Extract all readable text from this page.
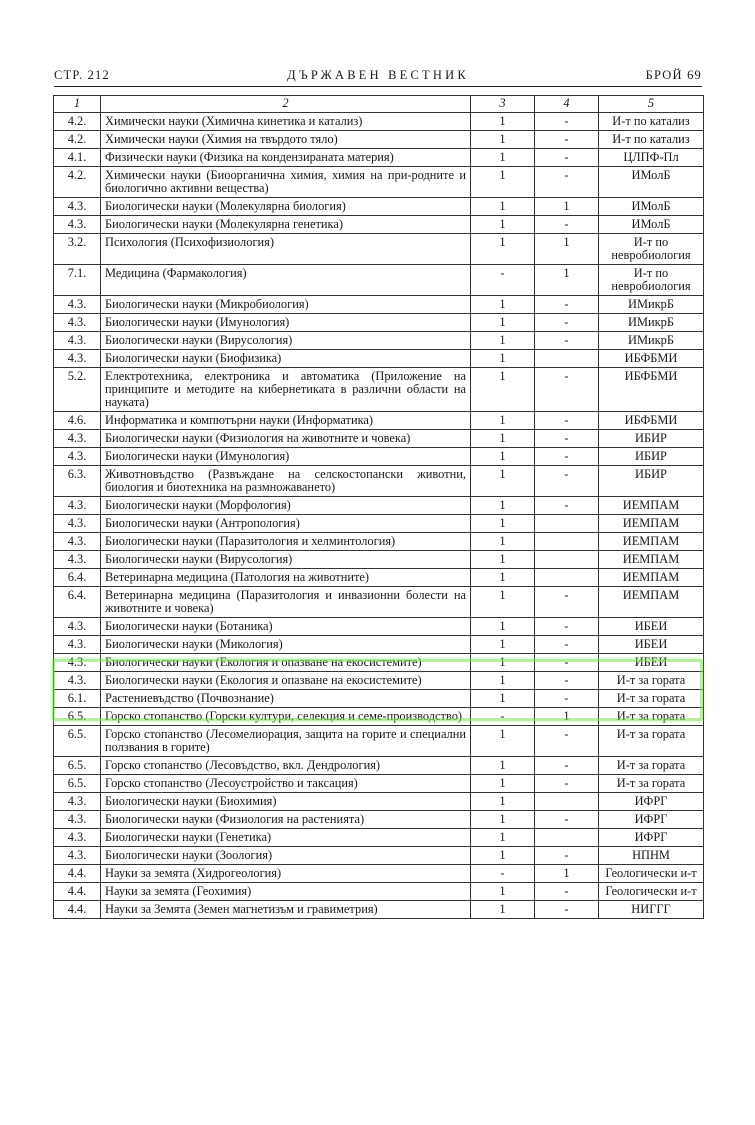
СТР. 212	ДЪРЖАВЕН ВЕСТНИК	БРОЙ 69
1	2	3	4	5
4.2.	Химически науки (Химична кинетика и катализ)	1	-	И-т по катализ
4.2.	Химически науки (Химия на твърдото тяло)	1	-	И-т по катализ
4.1.	Физически науки (Физика на кондензираната материя)	1	-	ЦЛПФ-Пл
4.2.	Химически науки (Биоорганична химия, химия на при-родните и биологично активни вещества)	1	-	ИМолБ
4.3.	Биологически науки (Молекулярна биология)	1	1	ИМолБ
4.3.	Биологически науки (Молекулярна генетика)	1	-	ИМолБ
3.2.	Психология (Психофизиология)	1	1	И-т по невробиология
7.1.	Медицина (Фармакология)	-	1	И-т по невробиология
4.3.	Биологически науки (Микробиология)	1	-	ИМикрБ
4.3.	Биологически науки (Имунология)	1	-	ИМикрБ
4.3.	Биологически науки (Вирусология)	1	-	ИМикрБ
4.3.	Биологически науки (Биофизика)	1		ИБФБМИ
5.2.	Електротехника, електроника и автоматика (Приложение на принципите и методите на кибернетиката в различни области на науката)	1	-	ИБФБМИ
4.6.	Информатика и компютърни науки (Информатика)	1	-	ИБФБМИ
4.3.	Биологически науки (Физиология на животните и човека)	1	-	ИБИР
4.3.	Биологически науки (Имунология)	1	-	ИБИР
6.3.	Животновъдство (Развъждане на селскостопански животни, биология и биотехника на размножаването)	1	-	ИБИР
4.3.	Биологически науки (Морфология)	1	-	ИЕМПАМ
4.3.	Биологически науки (Антропология)	1		ИЕМПАМ
4.3.	Биологически науки (Паразитология и хелминтология)	1		ИЕМПАМ
4.3.	Биологически науки (Вирусология)	1		ИЕМПАМ
6.4.	Ветеринарна медицина (Патология на животните)	1		ИЕМПАМ
6.4.	Ветеринарна медицина (Паразитология и инвазионни болести на животните и човека)	1	-	ИЕМПАМ
4.3.	Биологически науки (Ботаника)	1	-	ИБЕИ
4.3.	Биологически науки (Микология)	1	-	ИБЕИ
4.3.	Биологически науки (Екология и опазване на екосистемите)	1	-	ИБЕИ
4.3.	Биологически науки (Екология и опазване на екосистемите)	1	-	И-т за гората
6.1.	Растениевъдство (Почвознание)	1	-	И-т за гората
6.5.	Горско стопанство (Горски култури, селекция и семе-производство)	-	1	И-т за гората
6.5.	Горско стопанство (Лесомелиорация, защита на горите и специални ползвания в горите)	1	-	И-т за гората
6.5.	Горско стопанство (Лесовъдство, вкл. Дендрология)	1	-	И-т за гората
6.5.	Горско стопанство (Лесоустройство и таксация)	1	-	И-т за гората
4.3.	Биологически науки (Биохимия)	1		ИФРГ
4.3.	Биологически науки (Физиология на растенията)	1	-	ИФРГ
4.3.	Биологически науки (Генетика)	1		ИФРГ
4.3.	Биологически науки (Зоология)	1	-	НПНМ
4.4.	Науки за земята (Хидрогеология)	-	1	Геологически и-т
4.4.	Науки за земята (Геохимия)	1	-	Геологически и-т
4.4.	Науки за Земята (Земен магнетизъм и гравиметрия)	1	-	НИГГГ
